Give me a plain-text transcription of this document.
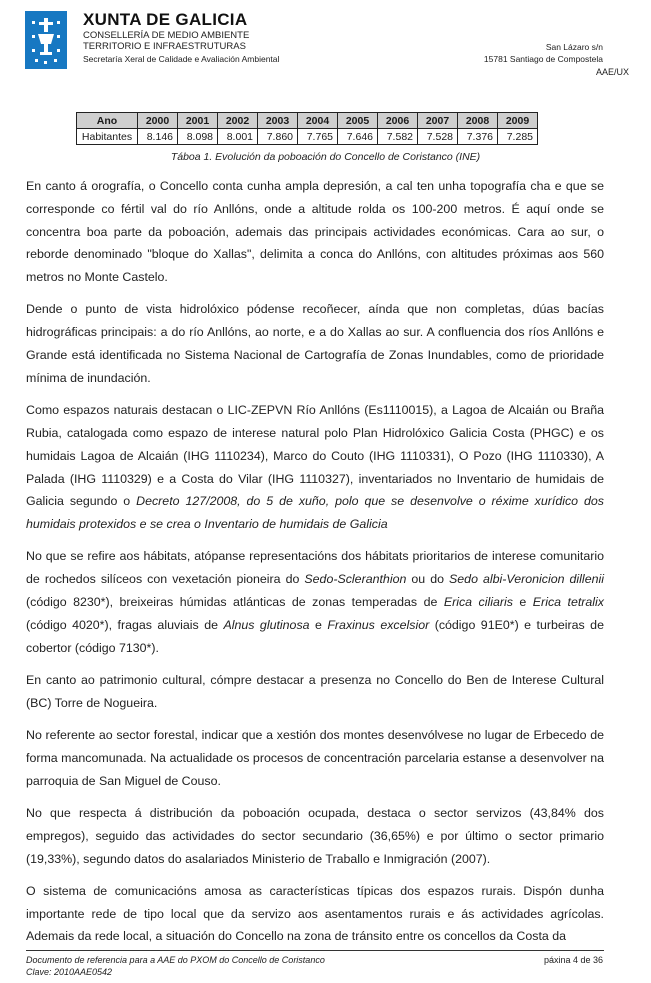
XUNTA DE GALICIA
CONSELLERÍA DE MEDIO AMBIENTE
TERRITORIO E INFRAESTRUTURAS
Secretaría Xeral de Calidade e Avaliación Ambiental
San Lázaro s/n
15781 Santiago de Compostela
AAE/UX
Ano	2000	2001	2002	2003	2004	2005	2006	2007	2008	2009
Habitantes	8.146	8.098	8.001	7.860	7.765	7.646	7.582	7.528	7.376	7.285
Táboa 1. Evolución da poboación do Concello de Coristanco (INE)

En canto á orografía, o Concello conta cunha ampla depresión, a cal ten unha topografía cha e que se corresponde co fértil val do río Anllóns, onde a altitude rolda os 100-200 metros. É aquí onde se concentra boa parte da poboación, ademais das principais actividades económicas. Cara ao sur, o reborde denominado "bloque do Xallas", delimita a conca do Anllóns, con altitudes próximas aos 560 metros no Monte Castelo.

Dende o punto de vista hidrolóxico pódense recoñecer, aínda que non completas, dúas bacías hidrográficas principais: a do río Anllóns, ao norte, e a do Xallas ao sur. A confluencia dos ríos Anllóns e Grande está identificada no Sistema Nacional de Cartografía de Zonas Inundables, como de prioridade mínima de inundación.

Como espazos naturais destacan o LIC-ZEPVN Río Anllóns (Es1110015), a Lagoa de Alcaián ou Braña Rubia, catalogada como espazo de interese natural polo Plan Hidrolóxico Galicia Costa (PHGC) e os humidais Lagoa de Alcaián (IHG 1110234), Marco do Couto (IHG 1110331), O Pozo (IHG 1110330), A Palada (IHG 1110329) e a Costa do Vilar (IHG 1110327), inventariados no Inventario de humidais de Galicia segundo o Decreto 127/2008, do 5 de xuño, polo que se desenvolve o réxime xurídico dos humidais protexidos e se crea o Inventario de humidais de Galicia

No que se refire aos hábitats, atópanse representacións dos hábitats prioritarios de interese comunitario de rochedos silíceos con vexetación pioneira do Sedo-Scleranthion ou do Sedo albi-Veronicion dillenii (código 8230*), breixeiras húmidas atlánticas de zonas temperadas de Erica ciliaris e Erica tetralix (código 4020*), fragas aluviais de Alnus glutinosa e Fraxinus excelsior (código 91E0*) e turbeiras de cobertor (código 7130*).

En canto ao patrimonio cultural, cómpre destacar a presenza no Concello do Ben de Interese Cultural (BC) Torre de Nogueira.

No referente ao sector forestal, indicar que a xestión dos montes desenvólvese no lugar de Erbecedo de forma mancomunada. Na actualidade os procesos de concentración parcelaria estanse a desenvolver na parroquia de San Miguel de Couso.

No que respecta á distribución da poboación ocupada, destaca o sector servizos (43,84% dos empregos), seguido das actividades do sector secundario (36,65%) e por último o sector primario (19,33%), segundo datos do asalariados Ministerio de Traballo e Inmigración (2007).

O sistema de comunicacións amosa as características típicas dos espazos rurais. Dispón dunha importante rede de tipo local que da servizo aos asentamentos rurais e ás actividades agrícolas. Ademais da rede local, a situación do Concello na zona de tránsito entre os concellos da Costa da

Documento de referencia para a AAE do PXOM do Concello de Coristanco
Clave: 2010AAE0542
páxina 4 de 36
